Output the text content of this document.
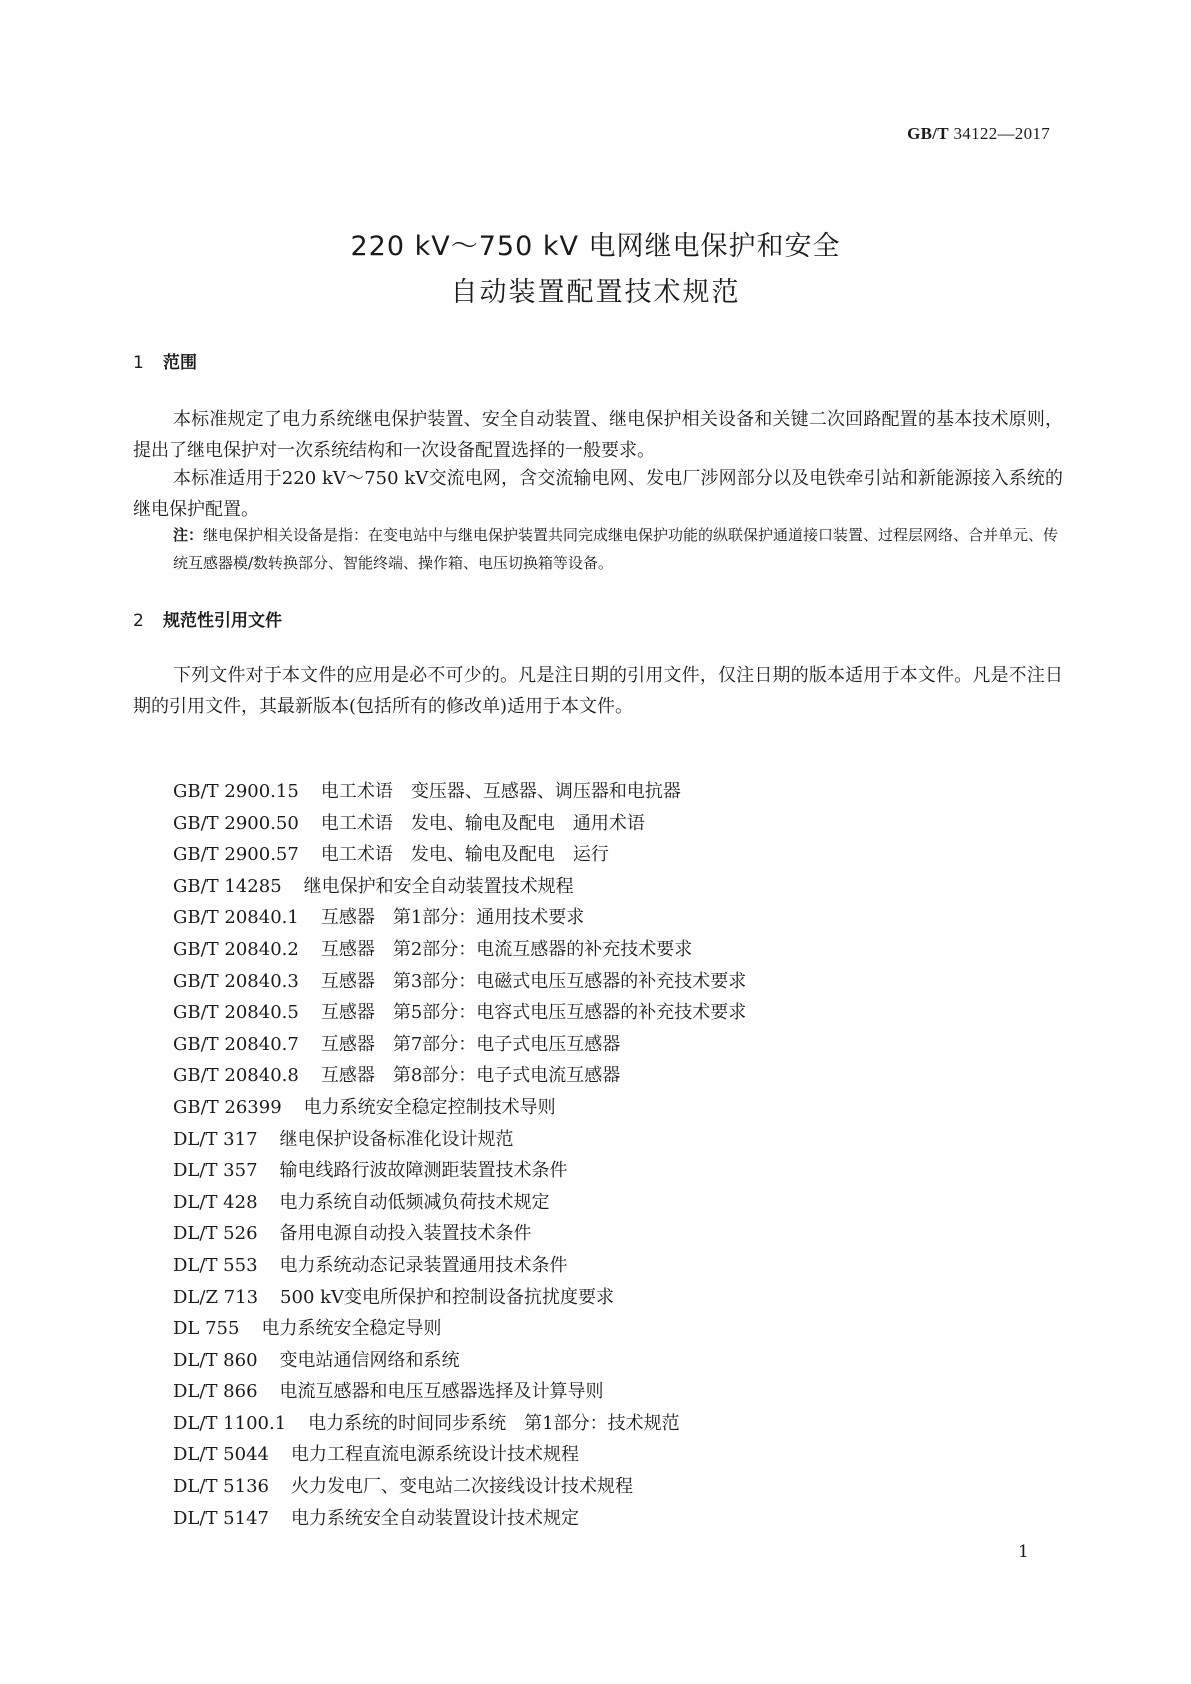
GB/T 34122—2017
220 kV～750 kV 电网继电保护和安全
自动装置配置技术规范
1 范围
本标准规定了电力系统继电保护装置、安全自动装置、继电保护相关设备和关键二次回路配置的基本技术原则，提出了继电保护对一次系统结构和一次设备配置选择的一般要求。
本标准适用于220 kV～750 kV交流电网，含交流输电网、发电厂涉网部分以及电铁牵引站和新能源接入系统的继电保护配置。
注：继电保护相关设备是指：在变电站中与继电保护装置共同完成继电保护功能的纵联保护通道接口装置、过程层网络、合并单元、传统互感器模/数转换部分、智能终端、操作箱、电压切换箱等设备。
2 规范性引用文件
下列文件对于本文件的应用是必不可少的。凡是注日期的引用文件，仅注日期的版本适用于本文件。凡是不注日期的引用文件，其最新版本(包括所有的修改单)适用于本文件。
GB/T 2900.15 电工术语　变压器、互感器、调压器和电抗器
GB/T 2900.50 电工术语　发电、输电及配电　通用术语
GB/T 2900.57 电工术语　发电、输电及配电　运行
GB/T 14285 继电保护和安全自动装置技术规程
GB/T 20840.1 互感器　第1部分：通用技术要求
GB/T 20840.2 互感器　第2部分：电流互感器的补充技术要求
GB/T 20840.3 互感器　第3部分：电磁式电压互感器的补充技术要求
GB/T 20840.5 互感器　第5部分：电容式电压互感器的补充技术要求
GB/T 20840.7 互感器　第7部分：电子式电压互感器
GB/T 20840.8 互感器　第8部分：电子式电流互感器
GB/T 26399 电力系统安全稳定控制技术导则
DL/T 317 继电保护设备标准化设计规范
DL/T 357 输电线路行波故障测距装置技术条件
DL/T 428 电力系统自动低频减负荷技术规定
DL/T 526 备用电源自动投入装置技术条件
DL/T 553 电力系统动态记录装置通用技术条件
DL/Z 713 500 kV变电所保护和控制设备抗扰度要求
DL 755 电力系统安全稳定导则
DL/T 860 变电站通信网络和系统
DL/T 866 电流互感器和电压互感器选择及计算导则
DL/T 1100.1 电力系统的时间同步系统　第1部分：技术规范
DL/T 5044 电力工程直流电源系统设计技术规程
DL/T 5136 火力发电厂、变电站二次接线设计技术规程
DL/T 5147 电力系统安全自动装置设计技术规定
1
